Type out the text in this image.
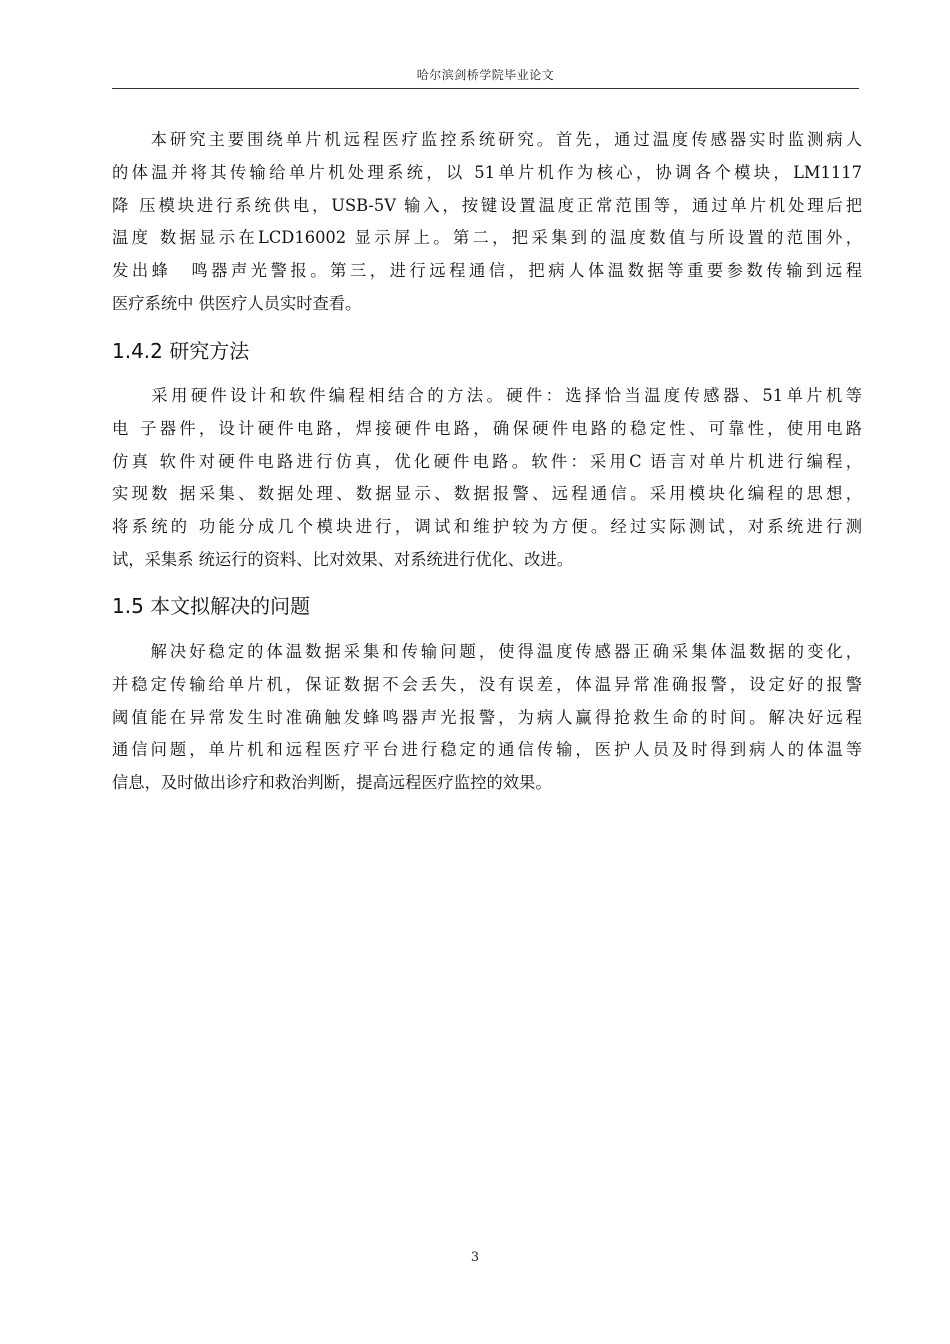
哈尔滨剑桥学院毕业论文
　　本研究主要围绕单片机远程医疗监控系统研究。首先，通过温度传感器实时监测病人
的体温并将其传输给单片机处理系统，以 51单片机作为核心，协调各个模块，LM1117
降 压模块进行系统供电，USB-5V 输入，按键设置温度正常范围等，通过单片机处理后把
温度 数据显示在LCD16002 显示屏上。第二，把采集到的温度数值与所设置的范围外，
发出蜂　鸣器声光警报。第三，进行远程通信，把病人体温数据等重要参数传输到远程
医疗系统中 供医疗人员实时查看。
1.4.2 研究方法
　　采用硬件设计和软件编程相结合的方法。硬件：选择恰当温度传感器、51单片机等
电 子器件，设计硬件电路，焊接硬件电路，确保硬件电路的稳定性、可靠性，使用电路
仿真 软件对硬件电路进行仿真，优化硬件电路。软件：采用C 语言对单片机进行编程，
实现数 据采集、数据处理、数据显示、数据报警、远程通信。采用模块化编程的思想，
将系统的 功能分成几个模块进行，调试和维护较为方便。经过实际测试，对系统进行测
试，采集系 统运行的资料、比对效果、对系统进行优化、改进。
1.5 本文拟解决的问题
　　解决好稳定的体温数据采集和传输问题，使得温度传感器正确采集体温数据的变化，
并稳定传输给单片机，保证数据不会丢失，没有误差，体温异常准确报警，设定好的报警
阈值能在异常发生时准确触发蜂鸣器声光报警，为病人赢得抢救生命的时间。解决好远程
通信问题，单片机和远程医疗平台进行稳定的通信传输，医护人员及时得到病人的体温等
信息，及时做出诊疗和救治判断，提高远程医疗监控的效果。
3
